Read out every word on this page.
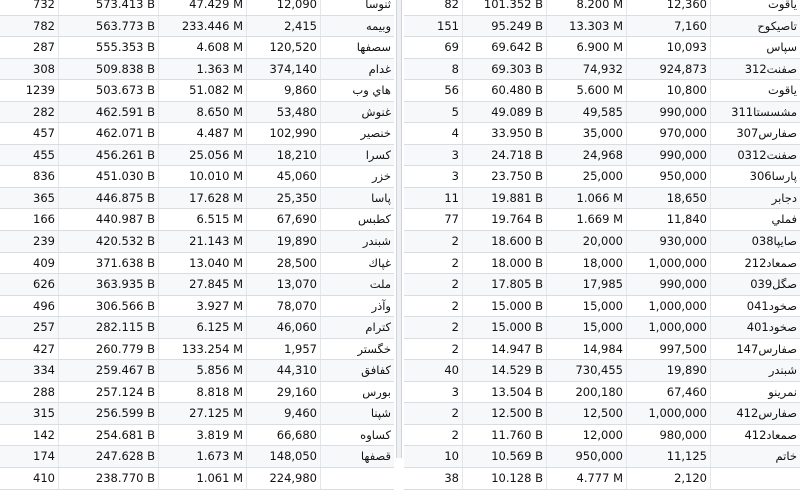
732	573.413 B	47.429 M	12,090	ثنوسا
782	563.773 B	233.446 M	2,415	وبيمه
287	555.353 B	4.608 M	120,520	سصفها
308	509.838 B	1.363 M	374,140	غدام
1239	503.673 B	51.082 M	9,860	هاي وب
282	462.591 B	8.650 M	53,480	غنوش
457	462.071 B	4.487 M	102,990	خنصير
455	456.261 B	25.056 M	18,210	كسرا
836	451.030 B	10.010 M	45,060	خزر
365	446.875 B	17.628 M	25,350	پاسا
166	440.987 B	6.515 M	67,690	كطبس
239	420.532 B	21.143 M	19,890	شبندر
409	371.638 B	13.040 M	28,500	غپاك
626	363.935 B	27.845 M	13,070	ملت
496	306.566 B	3.927 M	78,070	وآذر
257	282.115 B	6.125 M	46,060	كترام
427	260.779 B	133.254 M	1,957	خگستر
334	259.467 B	5.856 M	44,310	كفافق
288	257.124 B	8.818 M	29,160	بورس
315	256.599 B	27.125 M	9,460	شپنا
142	254.681 B	3.819 M	66,680	كساوه
174	247.628 B	1.673 M	148,050	قصفها
410	238.770 B	1.061 M	224,980
82	101.352 B	8.200 M	12,360	ياقوت
151	95.249 B	13.303 M	7,160	تاصيكوح
69	69.642 B	6.900 M	10,093	سپاس
8	69.303 B	74,932	924,873	صفنت312
56	60.480 B	5.600 M	10,800	ياقوت
5	49.089 B	49,585	990,000	مشسستا311
4	33.950 B	35,000	970,000	صفارس307
3	24.718 B	24,968	990,000	صفنت0312
3	23.750 B	25,000	950,000	پارسا306
11	19.881 B	1.066 M	18,650	دجابر
77	19.764 B	1.669 M	11,840	فملي
2	18.600 B	20,000	930,000	صايپا038
2	18.000 B	18,000	1,000,000	صمعاد212
2	17.805 B	17,985	990,000	صگل039
2	15.000 B	15,000	1,000,000	صخود041
2	15.000 B	15,000	1,000,000	صخود401
2	14.947 B	14,984	997,500	صفارس147
40	14.529 B	730,455	19,890	شبندر
3	13.504 B	200,180	67,460	نمرينو
2	12.500 B	12,500	1,000,000	صفارس412
2	11.760 B	12,000	980,000	صمعاد412
10	10.569 B	950,000	11,125	خاتم
38	10.128 B	4.777 M	2,120
